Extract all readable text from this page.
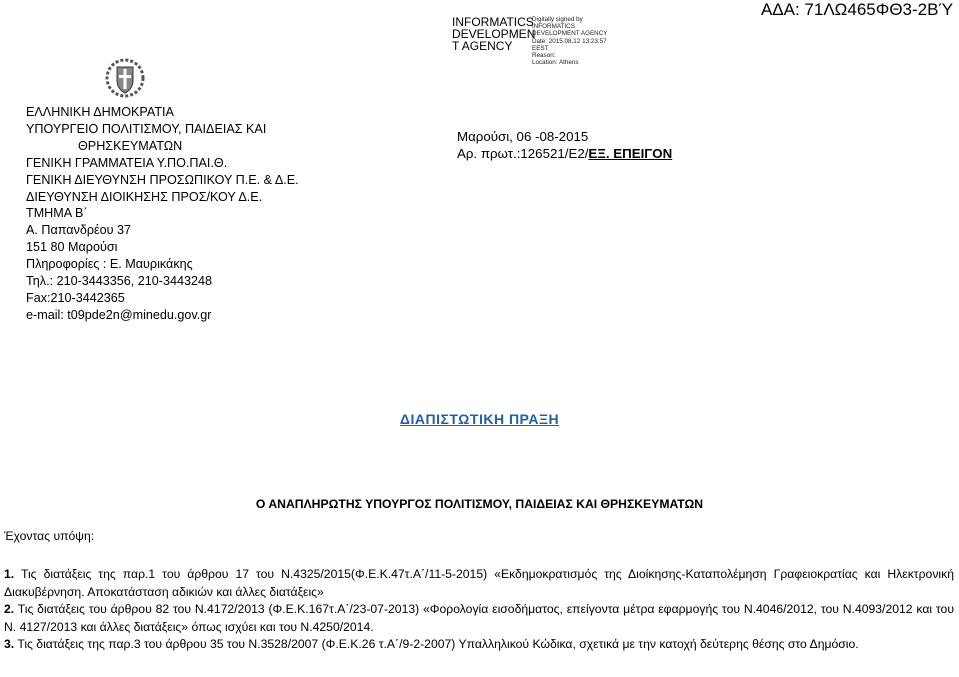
ΑΔΑ: 71ΛΩ465ΦΘ3-2ΒΎ
INFORMATICS
DEVELOPMEN
T AGENCY
Digitally signed by
INFORMATICS
DEVELOPMENT AGENCY
Date: 2015.08.12 13:23:57
EEST
Reason:
Location: Athens
ΕΛΛΗΝΙΚΗ ΔΗΜΟΚΡΑΤΙΑ
ΥΠΟΥΡΓΕΙΟ ΠΟΛΙΤΙΣΜΟΥ, ΠΑΙΔΕΙΑΣ ΚΑΙ
ΘΡΗΣΚΕΥΜΑΤΩΝ
ΓΕΝΙΚΗ ΓΡΑΜΜΑΤΕΙΑ Υ.ΠΟ.ΠΑΙ.Θ.
ΓΕΝΙΚΗ ΔΙΕΥΘΥΝΣΗ ΠΡΟΣΩΠΙΚΟΥ Π.Ε. & Δ.Ε.
ΔΙΕΥΘΥΝΣΗ ΔΙΟΙΚΗΣΗΣ ΠΡΟΣ/ΚΟΥ Δ.Ε.
ΤΜΗΜΑ Β΄
Α. Παπανδρέου 37
151 80 Μαρούσι
Πληροφορίες : Ε. Μαυρικάκης
Τηλ.: 210-3443356, 210-3443248
Fax:210-3442365
e-mail: t09pde2n@minedu.gov.gr
Μαρούσι, 06 -08-2015
Αρ. πρωτ.:126521/Ε2/ΕΞ. ΕΠΕΙΓΟΝ
ΔΙΑΠΙΣΤΩΤΙΚΗ ΠΡΑΞΗ
Ο ΑΝΑΠΛΗΡΩΤΗΣ ΥΠΟΥΡΓΟΣ ΠΟΛΙΤΙΣΜΟΥ, ΠΑΙΔΕΙΑΣ ΚΑΙ ΘΡΗΣΚΕΥΜΑΤΩΝ
Έχοντας υπόψη:

1. Τις διατάξεις της παρ.1 του άρθρου 17 του Ν.4325/2015(Φ.Ε.Κ.47τ.Α΄/11-5-2015) «Εκδημοκρατισμός της Διοίκησης-Καταπολέμηση Γραφειοκρατίας και Ηλεκτρονική Διακυβέρνηση. Αποκατάσταση αδικιών και άλλες διατάξεις»

2. Τις διατάξεις του άρθρου 82 του Ν.4172/2013 (Φ.Ε.Κ.167τ.Α΄/23-07-2013) «Φορολογία εισοδήματος, επείγοντα μέτρα εφαρμογής του Ν.4046/2012, του Ν.4093/2012 και του Ν. 4127/2013 και άλλες διατάξεις» όπως ισχύει και του Ν.4250/2014.

3. Τις διατάξεις της παρ.3 του άρθρου 35 του Ν.3528/2007 (Φ.Ε.Κ.26 τ.Α΄/9-2-2007) Υπαλληλικού Κώδικα, σχετικά με την κατοχή δεύτερης θέσης στο Δημόσιο.
